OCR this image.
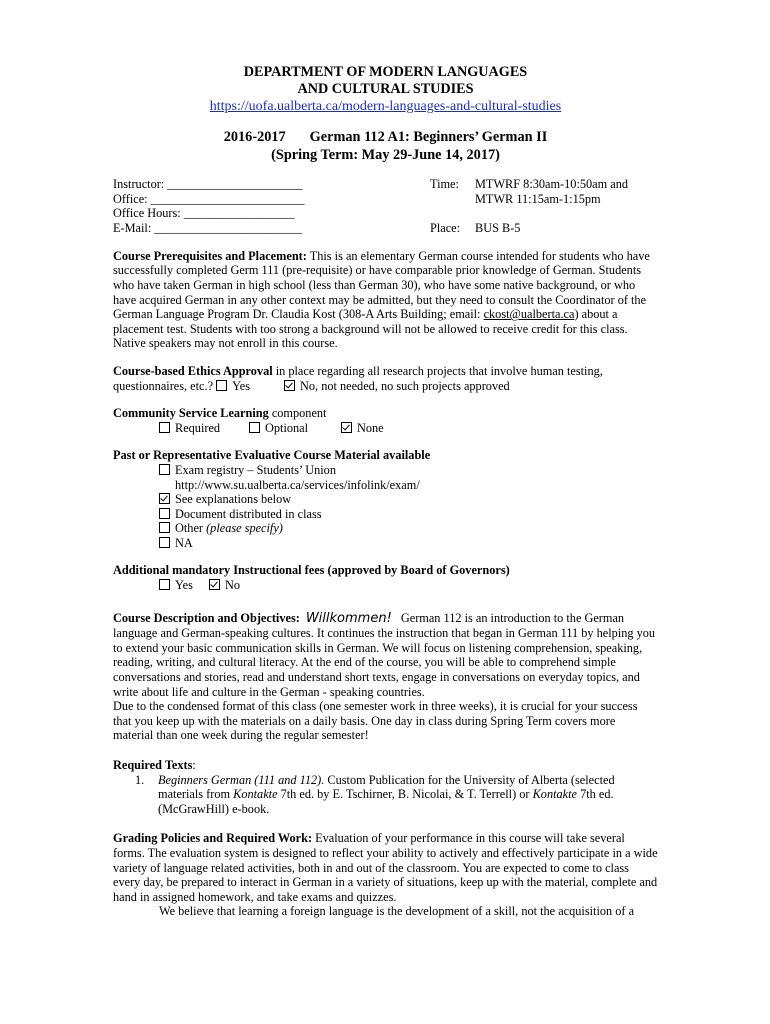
DEPARTMENT OF MODERN LANGUAGES
AND CULTURAL STUDIES
https://uofa.ualberta.ca/modern-languages-and-cultural-studies
2016-2017 German 112 A1: Beginners’ German II
(Spring Term: May 29-June 14, 2017)
Instructor: ______________________
Office: _________________________
Office Hours: __________________
E-Mail: ________________________
Time:	MTWRF 8:30am-10:50am and
MTWR 11:15am-1:15pm
Place:	BUS B-5

Course Prerequisites and Placement: This is an elementary German course intended for students who have successfully completed Germ 111 (pre-requisite) or have comparable prior knowledge of German. Students who have taken German in high school (less than German 30), who have some native background, or who have acquired German in any other context may be admitted, but they need to consult the Coordinator of the German Language Program Dr. Claudia Kost (308-A Arts Building; email: ckost@ualberta.ca) about a placement test. Students with too strong a background will not be allowed to receive credit for this class. Native speakers may not enroll in this course.

Course-based Ethics Approval in place regarding all research projects that involve human testing, questionnaires, etc.? Yes	No, not needed, no such projects approved

Community Service Learning component
Required	Optional	None
Past or Representative Evaluative Course Material available
Exam registry – Students’ Union
http://www.su.ualberta.ca/services/infolink/exam/
See explanations below
Document distributed in class
Other (please specify)
NA
Additional mandatory Instructional fees (approved by Board of Governors)
Yes	No

Course Description and Objectives: Willkommen! German 112 is an introduction to the German language and German-speaking cultures. It continues the instruction that began in German 111 by helping you to extend your basic communication skills in German. We will focus on listening comprehension, speaking, reading, writing, and cultural literacy. At the end of the course, you will be able to comprehend simple conversations and stories, read and understand short texts, engage in conversations on everyday topics, and write about life and culture in the German - speaking countries.

Due to the condensed format of this class (one semester work in three weeks), it is crucial for your success that you keep up with the materials on a daily basis. One day in class during Spring Term covers more material than one week during the regular semester!

Required Texts:
1.	Beginners German (111 and 112). Custom Publication for the University of Alberta (selected materials from Kontakte 7th ed. by E. Tschirner, B. Nicolai, & T. Terrell) or Kontakte 7th ed. (McGrawHill) e-book.

Grading Policies and Required Work: Evaluation of your performance in this course will take several forms. The evaluation system is designed to reflect your ability to actively and effectively participate in a wide variety of language related activities, both in and out of the classroom. You are expected to come to class every day, be prepared to interact in German in a variety of situations, keep up with the material, complete and hand in assigned homework, and take exams and quizzes.

We believe that learning a foreign language is the development of a skill, not the acquisition of a
